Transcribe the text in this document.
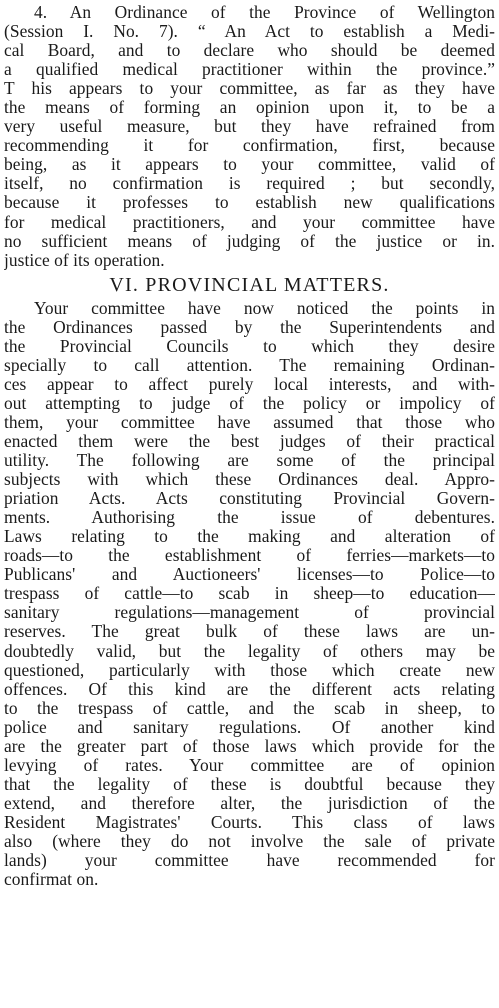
4. An Ordinance of the Province of Wellington
(Session I. No. 7). “ An Act to establish a Medi-
cal Board, and to declare who should be deemed
a qualified medical practitioner within the province.”
T his appears to your committee, as far as they have
the means of forming an opinion upon it, to be a
very useful measure, but they have refrained from
recommending it for confirmation, first, because
being, as it appears to your committee, valid of
itself, no confirmation is required ; but secondly,
because it professes to establish new qualifications
for medical practitioners, and your committee have
no sufficient means of judging of the justice or in.
justice of its operation.
VI. PROVINCIAL MATTERS.
Your committee have now noticed the points in
the Ordinances passed by the Superintendents and
the Provincial Councils to which they desire
specially to call attention. The remaining Ordinan-
ces appear to affect purely local interests, and with-
out attempting to judge of the policy or impolicy of
them, your committee have assumed that those who
enacted them were the best judges of their practical
utility. The following are some of the principal
subjects with which these Ordinances deal. Appro-
priation Acts. Acts constituting Provincial Govern-
ments. Authorising the issue of debentures.
Laws relating to the making and alteration of
roads—to the establishment of ferries—markets—to
Publicans' and Auctioneers' licenses—to Police—to
trespass of cattle—to scab in sheep—to education—
sanitary regulations—management of provincial
reserves. The great bulk of these laws are un-
doubtedly valid, but the legality of others may be
questioned, particularly with those which create new
offences. Of this kind are the different acts relating
to the trespass of cattle, and the scab in sheep, to
police and sanitary regulations. Of another kind
are the greater part of those laws which provide for the
levying of rates. Your committee are of opinion
that the legality of these is doubtful because they
extend, and therefore alter, the jurisdiction of the
Resident Magistrates' Courts. This class of laws
also (where they do not involve the sale of private
lands) your committee have recommended for
confirmat on.
